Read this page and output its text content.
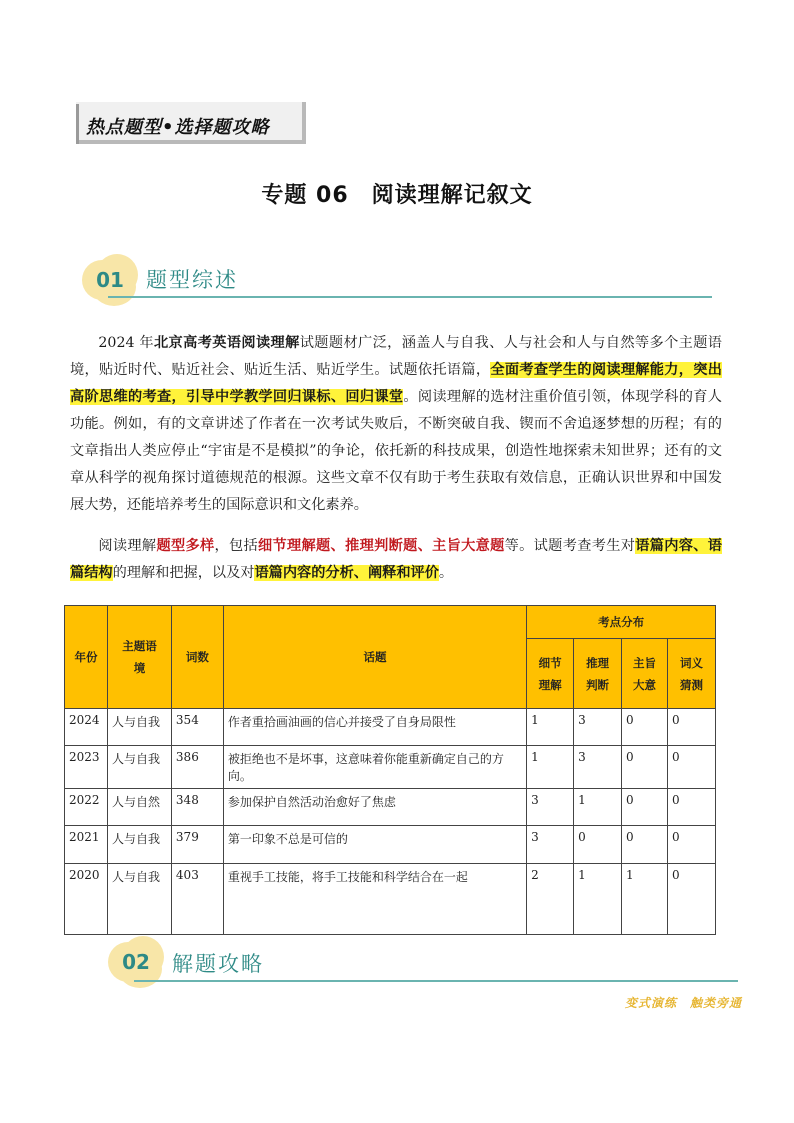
热点题型•选择题攻略
专题 06　阅读理解记叙文
01	题型综述
2024 年北京高考英语阅读理解试题题材广泛，涵盖人与自我、人与社会和人与自然等多个主题语境，贴近时代、贴近社会、贴近生活、贴近学生。试题依托语篇，全面考查学生的阅读理解能力，突出高阶思维的考查，引导中学教学回归课标、回归课堂。阅读理解的选材注重价值引领，体现学科的育人功能。例如，有的文章讲述了作者在一次考试失败后，不断突破自我、锲而不舍追逐梦想的历程；有的文章指出人类应停止“宇宙是不是模拟”的争论，依托新的科技成果，创造性地探索未知世界；还有的文章从科学的视角探讨道德规范的根源。这些文章不仅有助于考生获取有效信息，正确认识世界和中国发展大势，还能培养考生的国际意识和文化素养。
阅读理解题型多样，包括细节理解题、推理判断题、主旨大意题等。试题考查考生对语篇内容、语篇结构的理解和把握，以及对语篇内容的分析、阐释和评价。
年份	主题语境	词数	话题	考点分布			
				细节理解	推理判断	主旨大意	词义猜测
2024	人与自我	354	作者重拾画油画的信心并接受了自身局限性	1	3	0	0
2023	人与自我	386	被拒绝也不是坏事，这意味着你能重新确定自己的方向。	1	3	0	0
2022	人与自然	348	参加保护自然活动治愈好了焦虑	3	1	0	0
2021	人与自我	379	第一印象不总是可信的	3	0	0	0
2020	人与自我	403	重视手工技能，将手工技能和科学结合在一起	2	1	1	0
02	解题攻略
变式演练　触类旁通
